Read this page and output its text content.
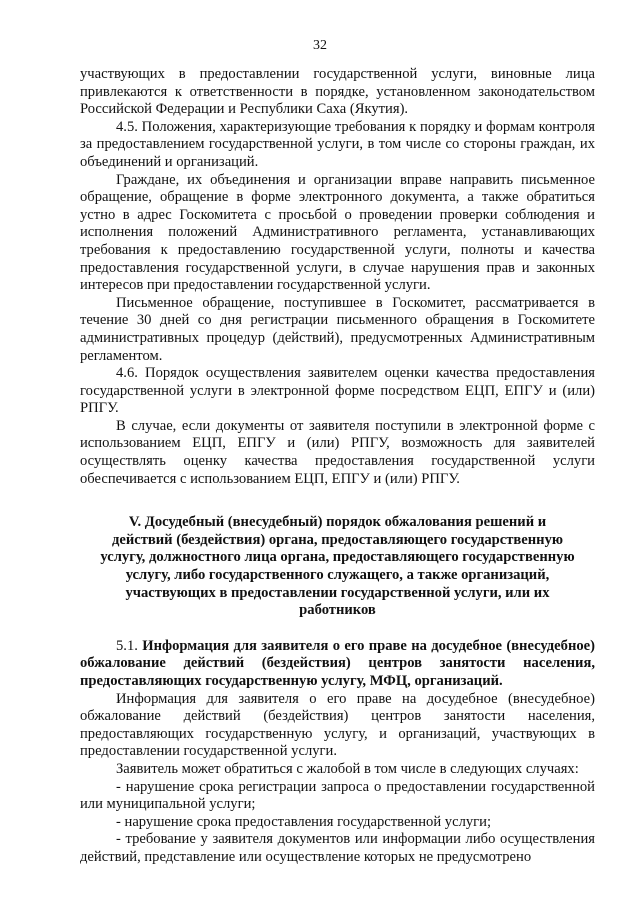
32

участвующих в предоставлении государственной услуги, виновные лица привлекаются к ответственности в порядке, установленном законодательством Российской Федерации и Республики Саха (Якутия).

4.5. Положения, характеризующие требования к порядку и формам контроля за предоставлением государственной услуги, в том числе со стороны граждан, их объединений и организаций.

Граждане, их объединения и организации вправе направить письменное обращение, обращение в форме электронного документа, а также обратиться устно в адрес Госкомитета с просьбой о проведении проверки соблюдения и исполнения положений Административного регламента, устанавливающих требования к предоставлению государственной услуги, полноты и качества предоставления государственной услуги, в случае нарушения прав и законных интересов при предоставлении государственной услуги.

Письменное обращение, поступившее в Госкомитет, рассматривается в течение 30 дней со дня регистрации письменного обращения в Госкомитете административных процедур (действий), предусмотренных Административным регламентом.

4.6. Порядок осуществления заявителем оценки качества предоставления государственной услуги в электронной форме посредством ЕЦП, ЕПГУ и (или) РПГУ.

В случае, если документы от заявителя поступили в электронной форме с использованием ЕЦП, ЕПГУ и (или) РПГУ, возможность для заявителей осуществлять оценку качества предоставления государственной услуги обеспечивается с использованием ЕЦП, ЕПГУ и (или) РПГУ.

V. Досудебный (внесудебный) порядок обжалования решений и
действий (бездействия) органа, предоставляющего государственную
услугу, должностного лица органа, предоставляющего государственную
услугу, либо государственного служащего, а также организаций,
участвующих в предоставлении государственной услуги, или их
работников

5.1. Информация для заявителя о его праве на досудебное (внесудебное) обжалование действий (бездействия) центров занятости населения, предоставляющих государственную услугу, МФЦ, организаций.

Информация для заявителя о его праве на досудебное (внесудебное) обжалование действий (бездействия) центров занятости населения, предоставляющих государственную услугу, и организаций, участвующих в предоставлении государственной услуги.

Заявитель может обратиться с жалобой в том числе в следующих случаях:

- нарушение срока регистрации запроса о предоставлении государственной или муниципальной услуги;

- нарушение срока предоставления государственной услуги;

- требование у заявителя документов или информации либо осуществления действий, представление или осуществление которых не предусмотрено
